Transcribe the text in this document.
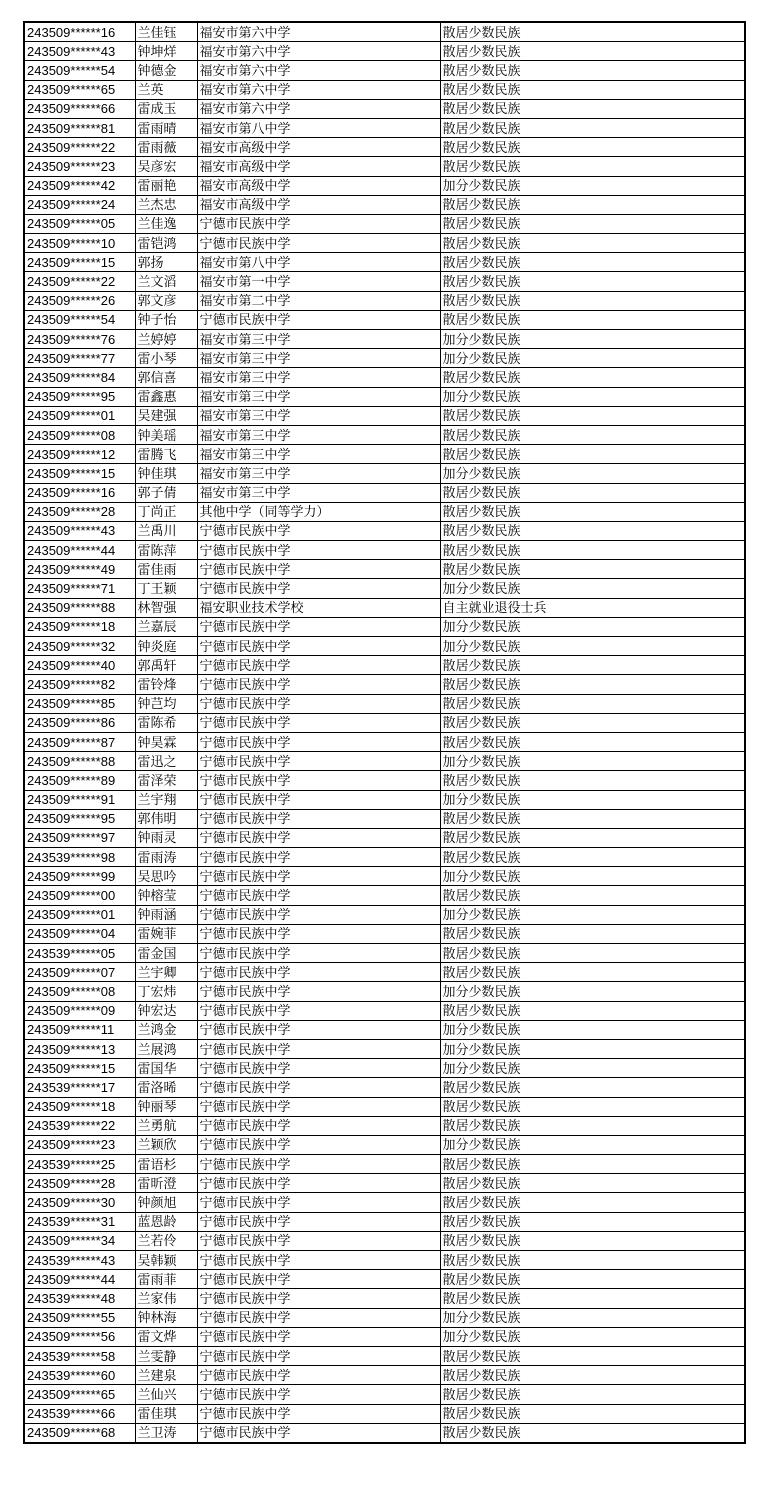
243509******16	兰佳钰	福安市第六中学	散居少数民族
243509******43	钟坤烊	福安市第六中学	散居少数民族
243509******54	钟德金	福安市第六中学	散居少数民族
243509******65	兰英	福安市第六中学	散居少数民族
243509******66	雷成玉	福安市第六中学	散居少数民族
243509******81	雷雨晴	福安市第八中学	散居少数民族
243509******22	雷雨薇	福安市高级中学	散居少数民族
243509******23	吴彦宏	福安市高级中学	散居少数民族
243509******42	雷丽艳	福安市高级中学	加分少数民族
243509******24	兰杰忠	福安市高级中学	散居少数民族
243509******05	兰佳逸	宁德市民族中学	散居少数民族
243509******10	雷铠鸿	宁德市民族中学	散居少数民族
243509******15	郭扬	福安市第八中学	散居少数民族
243509******22	兰文滔	福安市第一中学	散居少数民族
243509******26	郭文彦	福安市第二中学	散居少数民族
243509******54	钟子怡	宁德市民族中学	散居少数民族
243509******76	兰婷婷	福安市第三中学	加分少数民族
243509******77	雷小琴	福安市第三中学	加分少数民族
243509******84	郭信喜	福安市第三中学	散居少数民族
243509******95	雷鑫惠	福安市第三中学	加分少数民族
243509******01	吴建强	福安市第三中学	散居少数民族
243509******08	钟美瑶	福安市第三中学	散居少数民族
243509******12	雷腾飞	福安市第三中学	散居少数民族
243509******15	钟佳琪	福安市第三中学	加分少数民族
243509******16	郭子倩	福安市第三中学	散居少数民族
243509******28	丁尚正	其他中学（同等学力）	散居少数民族
243509******43	兰禹川	宁德市民族中学	散居少数民族
243509******44	雷陈萍	宁德市民族中学	散居少数民族
243509******49	雷佳雨	宁德市民族中学	散居少数民族
243509******71	丁王颖	宁德市民族中学	加分少数民族
243509******88	林智强	福安职业技术学校	自主就业退役士兵
243509******18	兰嘉辰	宁德市民族中学	加分少数民族
243509******32	钟炎庭	宁德市民族中学	加分少数民族
243509******40	郭禹轩	宁德市民族中学	散居少数民族
243509******82	雷铃烽	宁德市民族中学	散居少数民族
243509******85	钟芑均	宁德市民族中学	散居少数民族
243509******86	雷陈希	宁德市民族中学	散居少数民族
243509******87	钟昊霖	宁德市民族中学	散居少数民族
243509******88	雷迅之	宁德市民族中学	加分少数民族
243509******89	雷泽荣	宁德市民族中学	散居少数民族
243509******91	兰宇翔	宁德市民族中学	加分少数民族
243509******95	郭伟明	宁德市民族中学	散居少数民族
243509******97	钟雨灵	宁德市民族中学	散居少数民族
243539******98	雷雨涛	宁德市民族中学	散居少数民族
243509******99	吴思吟	宁德市民族中学	加分少数民族
243509******00	钟榕莹	宁德市民族中学	散居少数民族
243509******01	钟雨涵	宁德市民族中学	加分少数民族
243509******04	雷婉菲	宁德市民族中学	散居少数民族
243539******05	雷金国	宁德市民族中学	散居少数民族
243509******07	兰宇卿	宁德市民族中学	散居少数民族
243509******08	丁宏炜	宁德市民族中学	加分少数民族
243509******09	钟宏达	宁德市民族中学	散居少数民族
243509******11	兰鸿金	宁德市民族中学	加分少数民族
243509******13	兰展鸿	宁德市民族中学	加分少数民族
243509******15	雷国华	宁德市民族中学	加分少数民族
243539******17	雷洛晞	宁德市民族中学	散居少数民族
243509******18	钟丽琴	宁德市民族中学	散居少数民族
243539******22	兰勇航	宁德市民族中学	散居少数民族
243509******23	兰颖欣	宁德市民族中学	加分少数民族
243539******25	雷语杉	宁德市民族中学	散居少数民族
243509******28	雷昕澄	宁德市民族中学	散居少数民族
243509******30	钟颜旭	宁德市民族中学	散居少数民族
243539******31	蓝恩龄	宁德市民族中学	散居少数民族
243509******34	兰若伶	宁德市民族中学	散居少数民族
243539******43	吴韩颖	宁德市民族中学	散居少数民族
243509******44	雷雨菲	宁德市民族中学	散居少数民族
243539******48	兰家伟	宁德市民族中学	散居少数民族
243509******55	钟林海	宁德市民族中学	加分少数民族
243509******56	雷文烨	宁德市民族中学	加分少数民族
243539******58	兰雯静	宁德市民族中学	散居少数民族
243539******60	兰建泉	宁德市民族中学	散居少数民族
243509******65	兰仙兴	宁德市民族中学	散居少数民族
243539******66	雷佳琪	宁德市民族中学	散居少数民族
243509******68	兰卫涛	宁德市民族中学	散居少数民族
